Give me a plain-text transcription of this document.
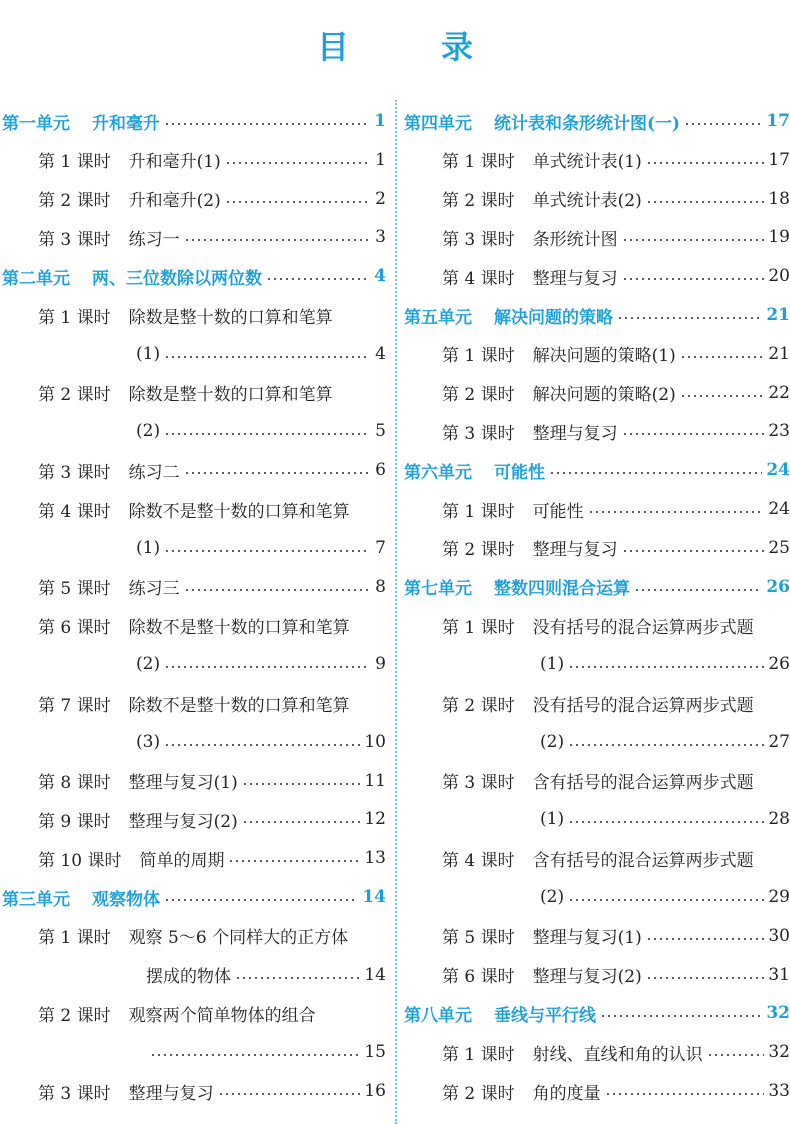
目　录
第一单元 升和毫升	1
第 1 课时 升和毫升(1)	1
第 2 课时 升和毫升(2)	2
第 3 课时 练习一	3
第二单元 两、三位数除以两位数	4
第 1 课时 除数是整十数的口算和笔算
(1)	4
第 2 课时 除数是整十数的口算和笔算
(2)	5
第 3 课时 练习二	6
第 4 课时 除数不是整十数的口算和笔算
(1)	7
第 5 课时 练习三	8
第 6 课时 除数不是整十数的口算和笔算
(2)	9
第 7 课时 除数不是整十数的口算和笔算
(3)	10
第 8 课时 整理与复习(1)	11
第 9 课时 整理与复习(2)	12
第 10 课时 简单的周期	13
第三单元 观察物体	14
第 1 课时 观察 5～6 个同样大的正方体
摆成的物体	14
第 2 课时 观察两个简单物体的组合
15
第 3 课时 整理与复习	16
第四单元 统计表和条形统计图(一)	17
第 1 课时 单式统计表(1)	17
第 2 课时 单式统计表(2)	18
第 3 课时 条形统计图	19
第 4 课时 整理与复习	20
第五单元 解决问题的策略	21
第 1 课时 解决问题的策略(1)	21
第 2 课时 解决问题的策略(2)	22
第 3 课时 整理与复习	23
第六单元 可能性	24
第 1 课时 可能性	24
第 2 课时 整理与复习	25
第七单元 整数四则混合运算	26
第 1 课时 没有括号的混合运算两步式题
(1)	26
第 2 课时 没有括号的混合运算两步式题
(2)	27
第 3 课时 含有括号的混合运算两步式题
(1)	28
第 4 课时 含有括号的混合运算两步式题
(2)	29
第 5 课时 整理与复习(1)	30
第 6 课时 整理与复习(2)	31
第八单元 垂线与平行线	32
第 1 课时 射线、直线和角的认识	32
第 2 课时 角的度量	33
